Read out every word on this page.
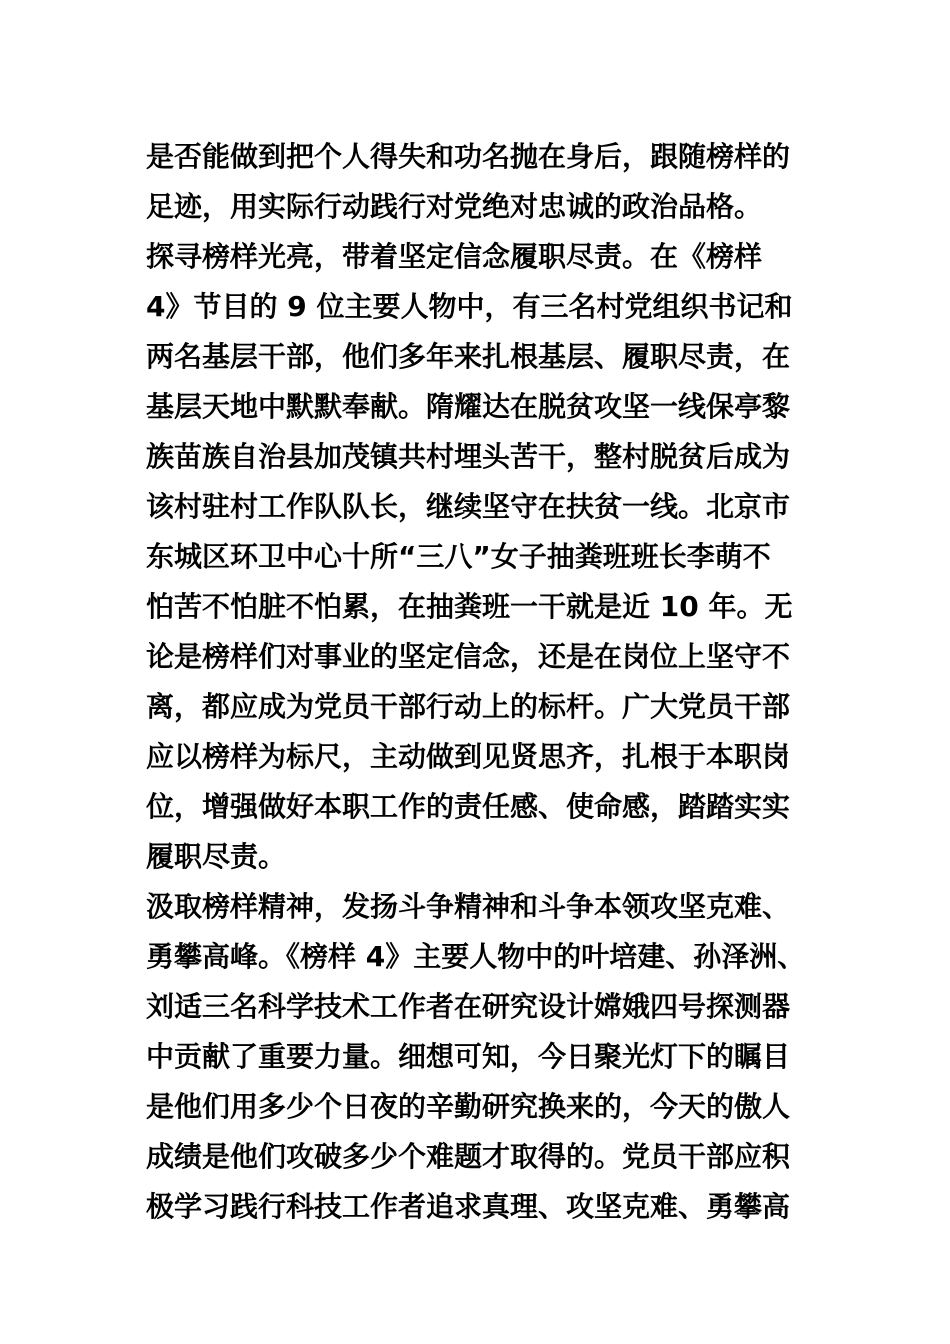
是否能做到把个人得失和功名抛在身后，跟随榜样的
足迹，用实际行动践行对党绝对忠诚的政治品格。
探寻榜样光亮，带着坚定信念履职尽责。在《榜样
4》节目的 9 位主要人物中，有三名村党组织书记和
两名基层干部，他们多年来扎根基层、履职尽责，在
基层天地中默默奉献。隋耀达在脱贫攻坚一线保亭黎
族苗族自治县加茂镇共村埋头苦干，整村脱贫后成为
该村驻村工作队队长，继续坚守在扶贫一线。北京市
东城区环卫中心十所“三八”女子抽粪班班长李萌不
怕苦不怕脏不怕累，在抽粪班一干就是近 10 年。无
论是榜样们对事业的坚定信念，还是在岗位上坚守不
离，都应成为党员干部行动上的标杆。广大党员干部
应以榜样为标尺，主动做到见贤思齐，扎根于本职岗
位，增强做好本职工作的责任感、使命感，踏踏实实
履职尽责。
汲取榜样精神，发扬斗争精神和斗争本领攻坚克难、
勇攀高峰。《榜样 4》主要人物中的叶培建、孙泽洲、
刘适三名科学技术工作者在研究设计嫦娥四号探测器
中贡献了重要力量。细想可知，今日聚光灯下的瞩目
是他们用多少个日夜的辛勤研究换来的，今天的傲人
成绩是他们攻破多少个难题才取得的。党员干部应积
极学习践行科技工作者追求真理、攻坚克难、勇攀高
